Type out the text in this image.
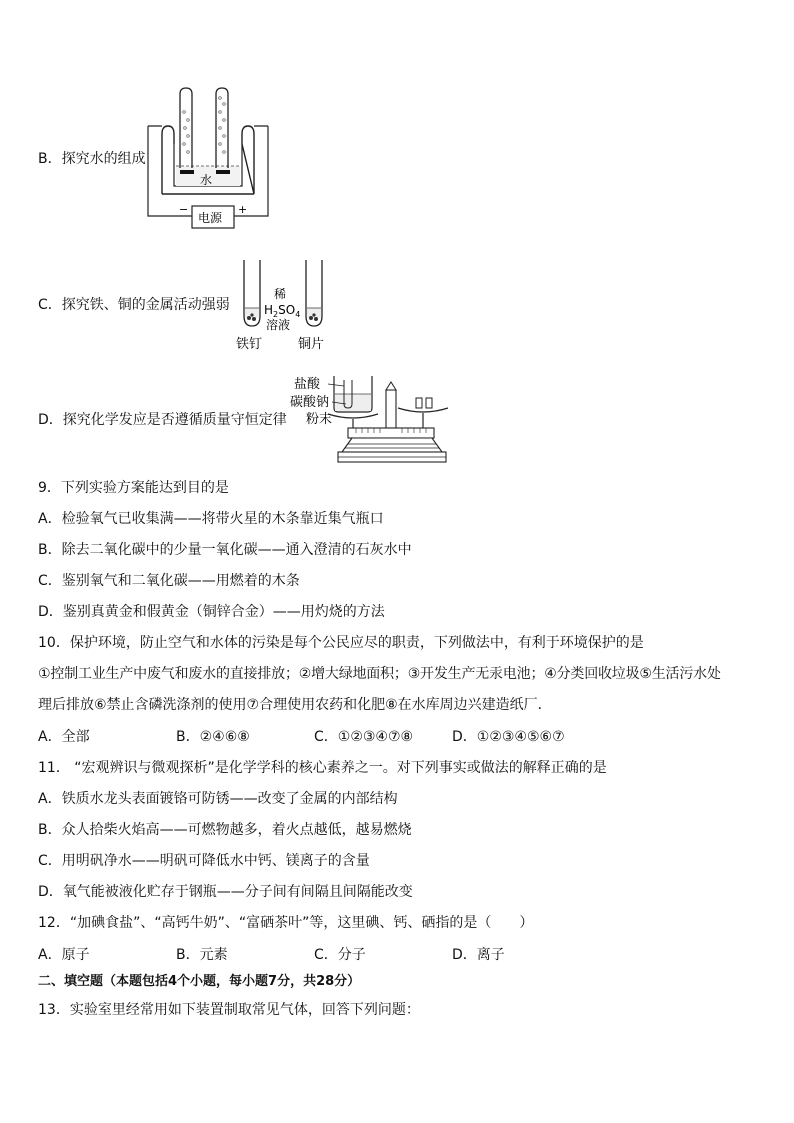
B．探究水的组成
水
电源
−	+
C．探究铁、铜的金属活动强弱
稀
$H_2SO_4$
溶液
铁钉	铜片
D．探究化学发应是否遵循质量守恒定律
盐酸
碳酸钠
粉末
9．下列实验方案能达到目的是
A．检验氧气已收集满——将带火星的木条靠近集气瓶口
B．除去二氧化碳中的少量一氧化碳——通入澄清的石灰水中
C．鉴别氧气和二氧化碳——用燃着的木条
D．鉴别真黄金和假黄金（铜锌合金）——用灼烧的方法
10．保护环境，防止空气和水体的污染是每个公民应尽的职责，下列做法中，有利于环境保护的是
①控制工业生产中废气和废水的直接排放；②增大绿地面积；③开发生产无汞电池；④分类回收垃圾⑤生活污水处
理后排放⑥禁止含磷洗涤剂的使用⑦合理使用农药和化肥⑧在水库周边兴建造纸厂．
A．全部	B．②④⑥⑧	C．①②③④⑦⑧	D．①②③④⑤⑥⑦
11． “宏观辨识与微观探析”是化学学科的核心素养之一。对下列事实或做法的解释正确的是
A．铁质水龙头表面镀铬可防锈——改变了金属的内部结构
B．众人拾柴火焰高——可燃物越多，着火点越低，越易燃烧
C．用明矾净水——明矾可降低水中钙、镁离子的含量
D．氧气能被液化贮存于钢瓶——分子间有间隔且间隔能改变
12．“加碘食盐”、“高钙牛奶”、“富硒茶叶”等，这里碘、钙、硒指的是（　　）
A．原子	B．元素	C．分子	D．离子
二、填空题（本题包括4个小题，每小题7分，共28分）
13．实验室里经常用如下装置制取常见气体，回答下列问题：
